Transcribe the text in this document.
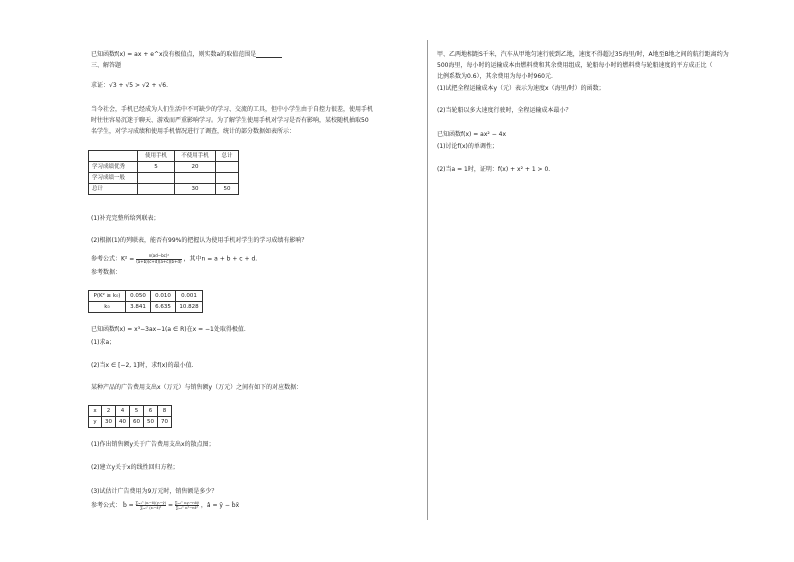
已知函数f(x) = ax + e^x没有极值点，则实数a的取值范围是
三、解答题
求证：√3 + √5 > √2 + √6.
当今社会，手机已经成为人们生活中不可缺少的学习、交流的工具，但中小学生由于自控力很差，使用手机
时往往容易沉迷于聊天、游戏而严重影响学习。为了解学生使用手机对学习是否有影响，某校随机抽取50
名学生，对学习成绩和使用手机情况进行了调查，统计的部分数据如表所示：
	使用手机	不使用手机	总计
学习成绩优秀	5	20	
学习成绩一般			
总计		30	50
(1)补充完整所给列联表；
(2)根据(1)的列联表，能否有99%的把握认为使用手机对学生的学习成绩有影响？
参考公式：$K^2 = \frac{\text{n(ad−bc)²}}{(a+b)(c+d)(a+c)(b+d)}$ ，其中n = a + b + c + d.
参考数据：
P(K² ≥ k₀)	0.050	0.010	0.001
k₀	3.841	6.635	10.828
已知函数f(x) = x³−3ax−1(a ∈ R)在x = −1处取得极值.
(1)求a；
(2)当x ∈ [−2, 1]时，求f(x)的最小值.
某种产品的广告费用支出x（万元）与销售额y（万元）之间有如下的对应数据：
x	2	4	5	6	8
y	30	40	60	50	70
(1)作出销售额y关于广告费用支出x的散点图；
(2)建立y关于x的线性回归方程；
(3)试估计广告费用为9万元时，销售额是多少？
参考公式： b̂ = $\frac{\text{∑ᵢ₌₁ⁿ (xᵢ−x̄)(yᵢ−ȳ)}}{\text{∑ᵢ₌₁ⁿ (xᵢ−x̄)²}}$ = ∑ᵢ₌₁ⁿ xᵢyᵢ−nx̄ȳ
∑ᵢ₌₁ⁿ xᵢ²−nx̄² ，â = ȳ − b̂x̄
甲、乙两地相距S千米，汽车从甲地匀速行驶到乙地，速度不得超过35海里/时，A地至B地之间的航行距离约为
500海里，每小时的运输成本由燃料费和其余费用组成，轮船每小时的燃料费与轮船速度的平方成正比（
比例系数为0.6），其余费用为每小时960元.
(1)试把全程运输成本y（元）表示为速度x（海里/时）的函数；
(2)当轮船以多大速度行驶时，全程运输成本最小？
已知函数f(x) = ax² − 4x
(1)讨论f(x)的单调性；
(2)当a = 1时，证明：f(x) + x² + 1 > 0.
